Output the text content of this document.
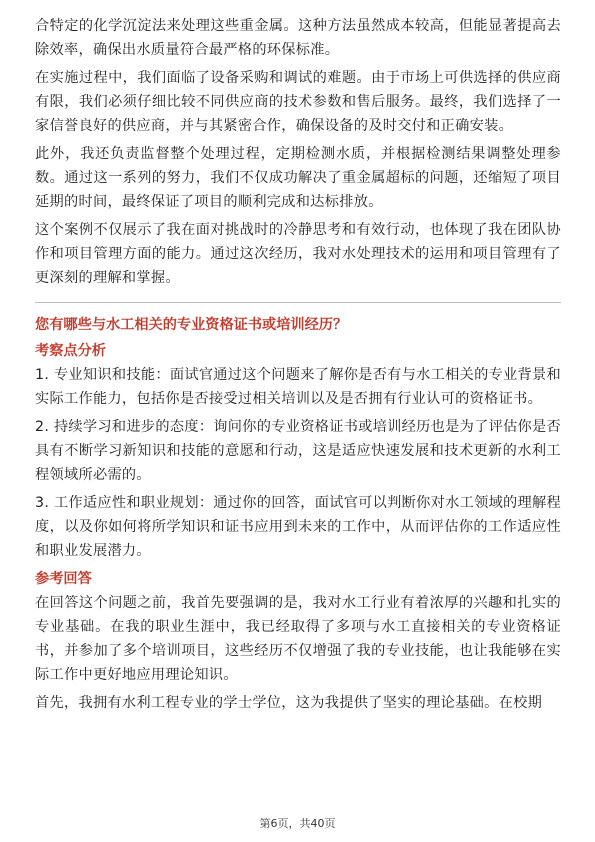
合特定的化学沉淀法来处理这些重金属。这种方法虽然成本较高，但能显著提高去除效率，确保出水质量符合最严格的环保标准。

在实施过程中，我们面临了设备采购和调试的难题。由于市场上可供选择的供应商有限，我们必须仔细比较不同供应商的技术参数和售后服务。最终，我们选择了一家信誉良好的供应商，并与其紧密合作，确保设备的及时交付和正确安装。

此外，我还负责监督整个处理过程，定期检测水质，并根据检测结果调整处理参数。通过这一系列的努力，我们不仅成功解决了重金属超标的问题，还缩短了项目延期的时间，最终保证了项目的顺利完成和达标排放。

这个案例不仅展示了我在面对挑战时的冷静思考和有效行动，也体现了我在团队协作和项目管理方面的能力。通过这次经历，我对水处理技术的运用和项目管理有了更深刻的理解和掌握。

您有哪些与水工相关的专业资格证书或培训经历？
考察点分析

1. 专业知识和技能：面试官通过这个问题来了解你是否有与水工相关的专业背景和实际工作能力，包括你是否接受过相关培训以及是否拥有行业认可的资格证书。

2. 持续学习和进步的态度：询问你的专业资格证书或培训经历也是为了评估你是否具有不断学习新知识和技能的意愿和行动，这是适应快速发展和技术更新的水利工程领域所必需的。

3. 工作适应性和职业规划：通过你的回答，面试官可以判断你对水工领域的理解程度，以及你如何将所学知识和证书应用到未来的工作中，从而评估你的工作适应性和职业发展潜力。

参考回答

在回答这个问题之前，我首先要强调的是，我对水工行业有着浓厚的兴趣和扎实的专业基础。在我的职业生涯中，我已经取得了多项与水工直接相关的专业资格证书，并参加了多个培训项目，这些经历不仅增强了我的专业技能，也让我能够在实际工作中更好地应用理论知识。

首先，我拥有水利工程专业的学士学位，这为我提供了坚实的理论基础。在校期

第6页，共40页
